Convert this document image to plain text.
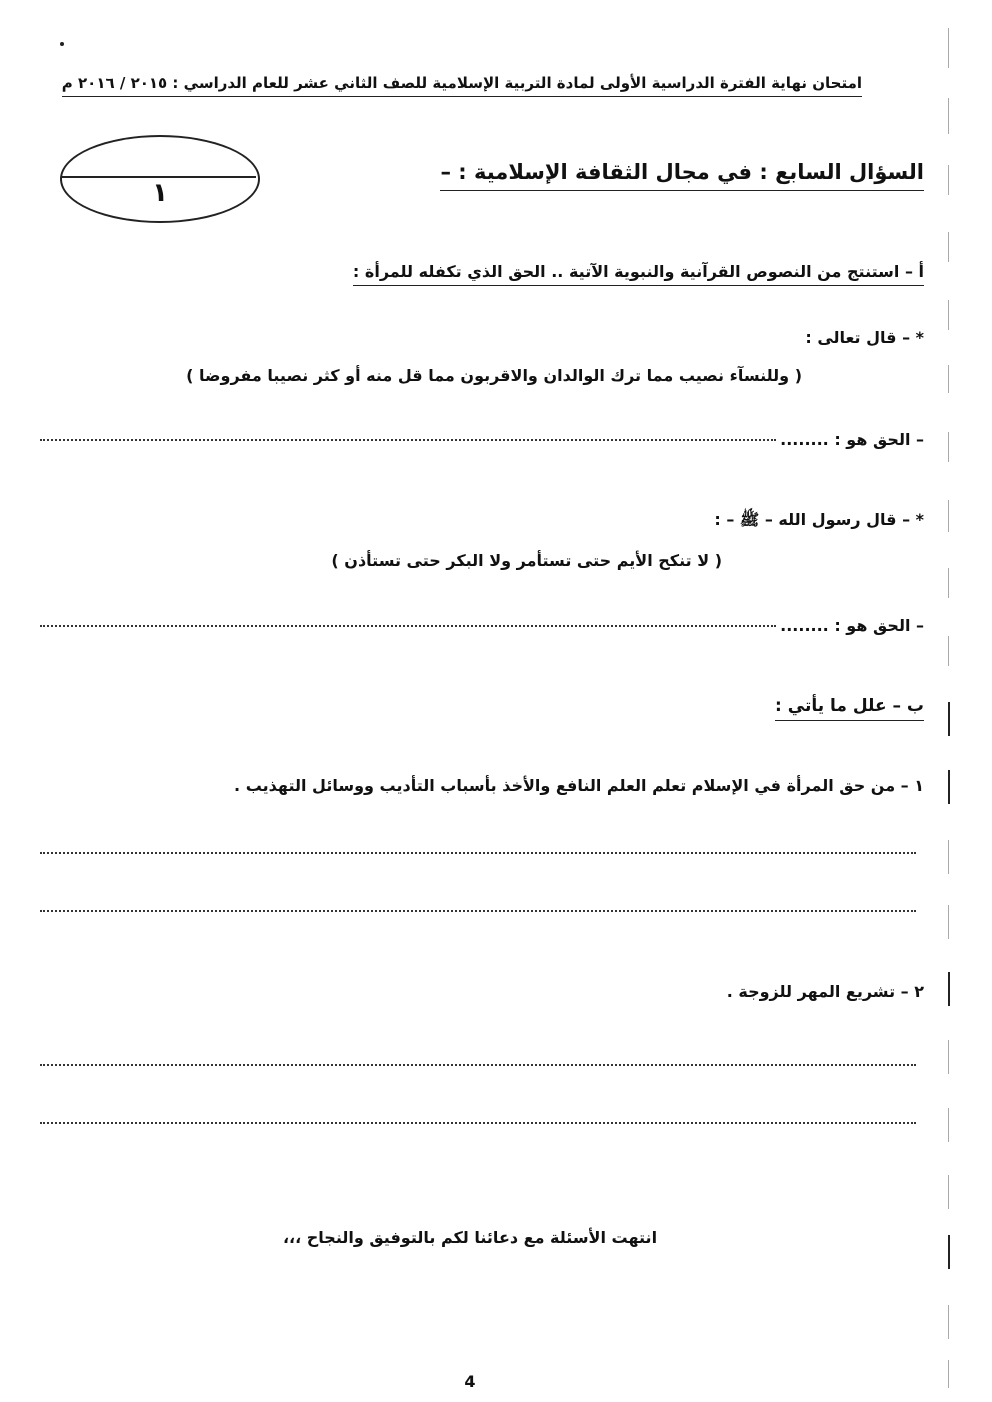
امتحان نهاية الفترة الدراسية الأولى لمادة التربية الإسلامية للصف الثاني عشر للعام الدراسي : ٢٠١٥ / ٢٠١٦ م
١
السؤال السابع : في مجال الثقافة الإسلامية : –
أ – استنتج من النصوص القرآنية والنبوية الآتية .. الحق الذي تكفله للمرأة :
* – قال تعالى :
( وللنسآء نصيب مما ترك الوالدان والاقربون مما قل منه أو كثر نصيبا مفروضا )
– الحق هو : ........
* – قال رسول الله – ﷺ – :
( لا تنكح الأيم حتى تستأمر ولا البكر حتى تستأذن )
– الحق هو : ........
ب – علل ما يأتي :
١ – من حق المرأة في الإسلام تعلم العلم النافع والأخذ بأسباب التأديب ووسائل التهذيب .
٢ – تشريع المهر للزوجة .
انتهت الأسئلة مع دعائنا لكم بالتوفيق والنجاح ،،،
4
